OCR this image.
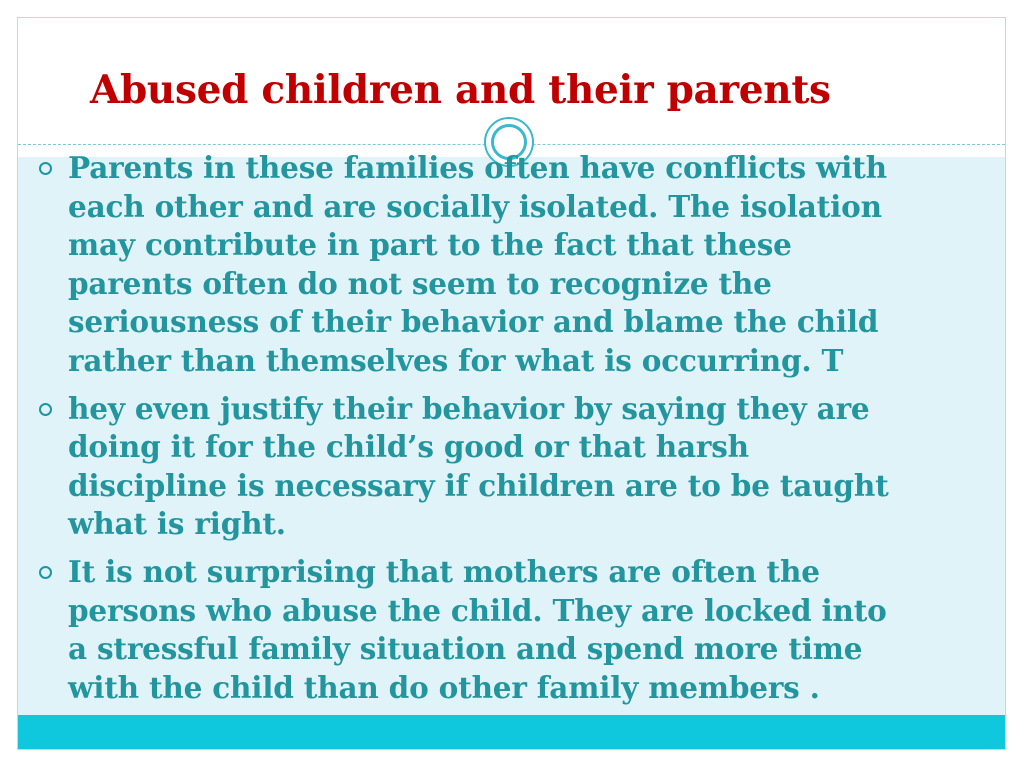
Abused children and their parents
Parents in these families often have conflicts with
each other and are socially isolated. The isolation
may contribute in part to the fact that these
parents often do not seem to recognize the
seriousness of their behavior and blame the child
rather than themselves for what is occurring. T
hey even justify their behavior by saying they are
doing it for the child’s good or that harsh
discipline is necessary if children are to be taught
what is right.
It is not surprising that mothers are often the
persons who abuse the child. They are locked into
a stressful family situation and spend more time
with the child than do other family members .
